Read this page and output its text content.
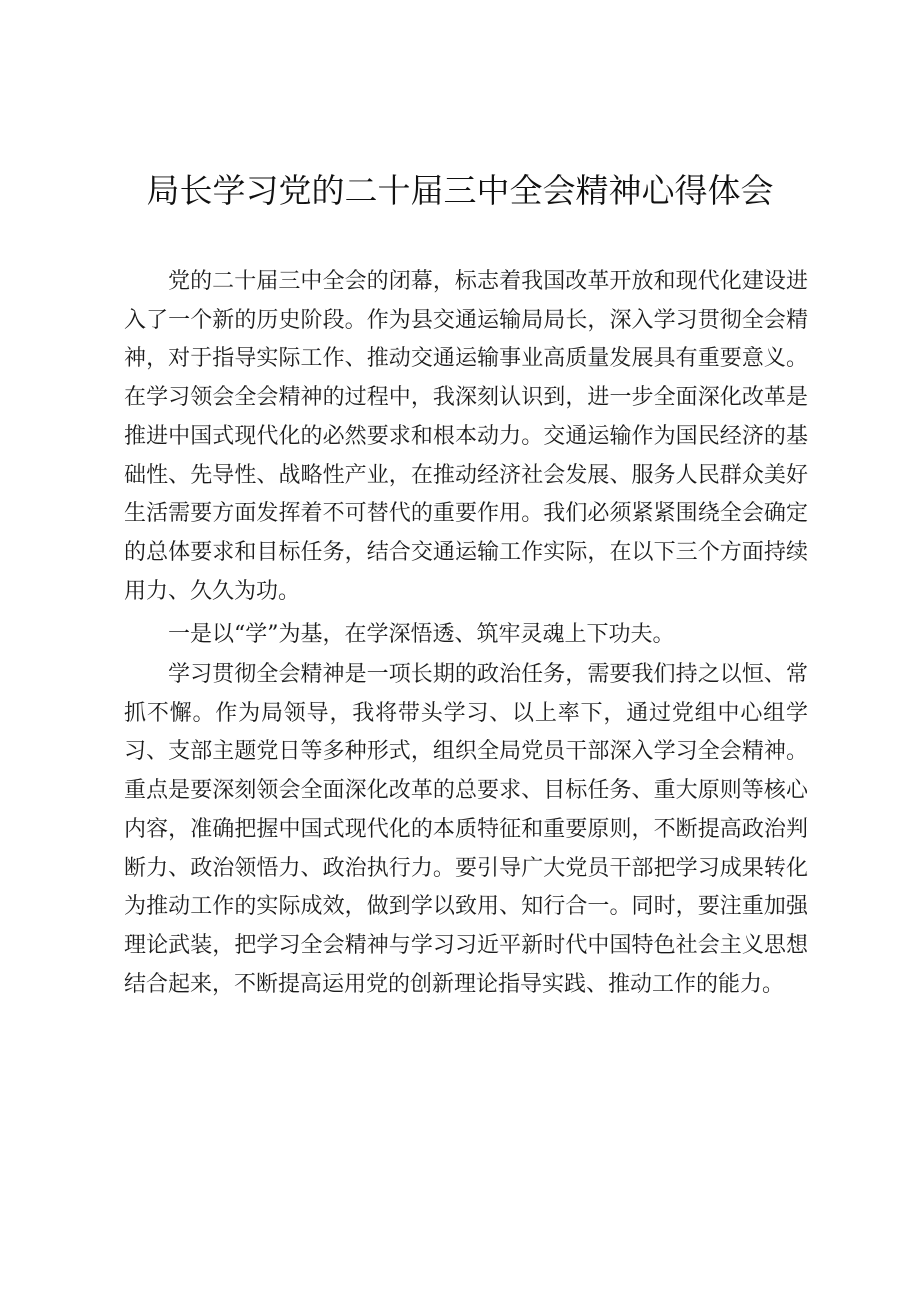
局长学习党的二十届三中全会精神心得体会

党的二十届三中全会的闭幕，标志着我国改革开放和现代化建设进入了一个新的历史阶段。作为县交通运输局局长，深入学习贯彻全会精神，对于指导实际工作、推动交通运输事业高质量发展具有重要意义。在学习领会全会精神的过程中，我深刻认识到，进一步全面深化改革是推进中国式现代化的必然要求和根本动力。交通运输作为国民经济的基础性、先导性、战略性产业，在推动经济社会发展、服务人民群众美好生活需要方面发挥着不可替代的重要作用。我们必须紧紧围绕全会确定的总体要求和目标任务，结合交通运输工作实际，在以下三个方面持续用力、久久为功。

一是以“学”为基，在学深悟透、筑牢灵魂上下功夫。

学习贯彻全会精神是一项长期的政治任务，需要我们持之以恒、常抓不懈。作为局领导，我将带头学习、以上率下，通过党组中心组学习、支部主题党日等多种形式，组织全局党员干部深入学习全会精神。重点是要深刻领会全面深化改革的总要求、目标任务、重大原则等核心内容，准确把握中国式现代化的本质特征和重要原则，不断提高政治判断力、政治领悟力、政治执行力。要引导广大党员干部把学习成果转化为推动工作的实际成效，做到学以致用、知行合一。同时，要注重加强理论武装，把学习全会精神与学习习近平新时代中国特色社会主义思想结合起来，不断提高运用党的创新理论指导实践、推动工作的能力。
